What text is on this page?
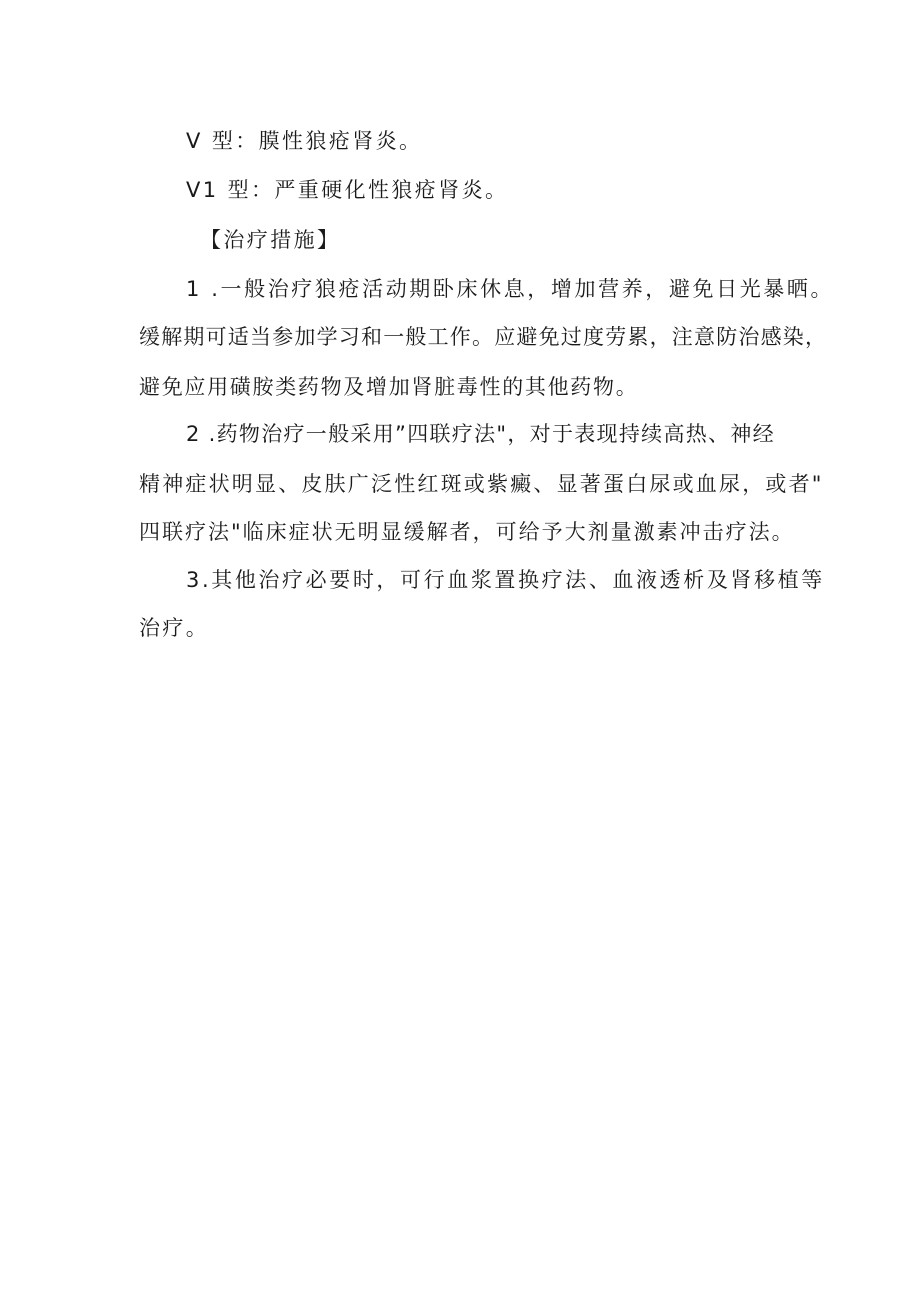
V 型：膜性狼疮肾炎。
V1 型：严重硬化性狼疮肾炎。
【治疗措施】
1 .一般治疗狼疮活动期卧床休息，增加营养，避免日光暴晒。
缓解期可适当参加学习和一般工作。应避免过度劳累，注意防治感染，
避免应用磺胺类药物及增加肾脏毒性的其他药物。
2 .药物治疗一般采用”四联疗法"，对于表现持续高热、神经
精神症状明显、皮肤广泛性红斑或紫癜、显著蛋白尿或血尿，或者"
四联疗法"临床症状无明显缓解者，可给予大剂量激素冲击疗法。
3.其他治疗必要时，可行血浆置换疗法、血液透析及肾移植等
治疗。
